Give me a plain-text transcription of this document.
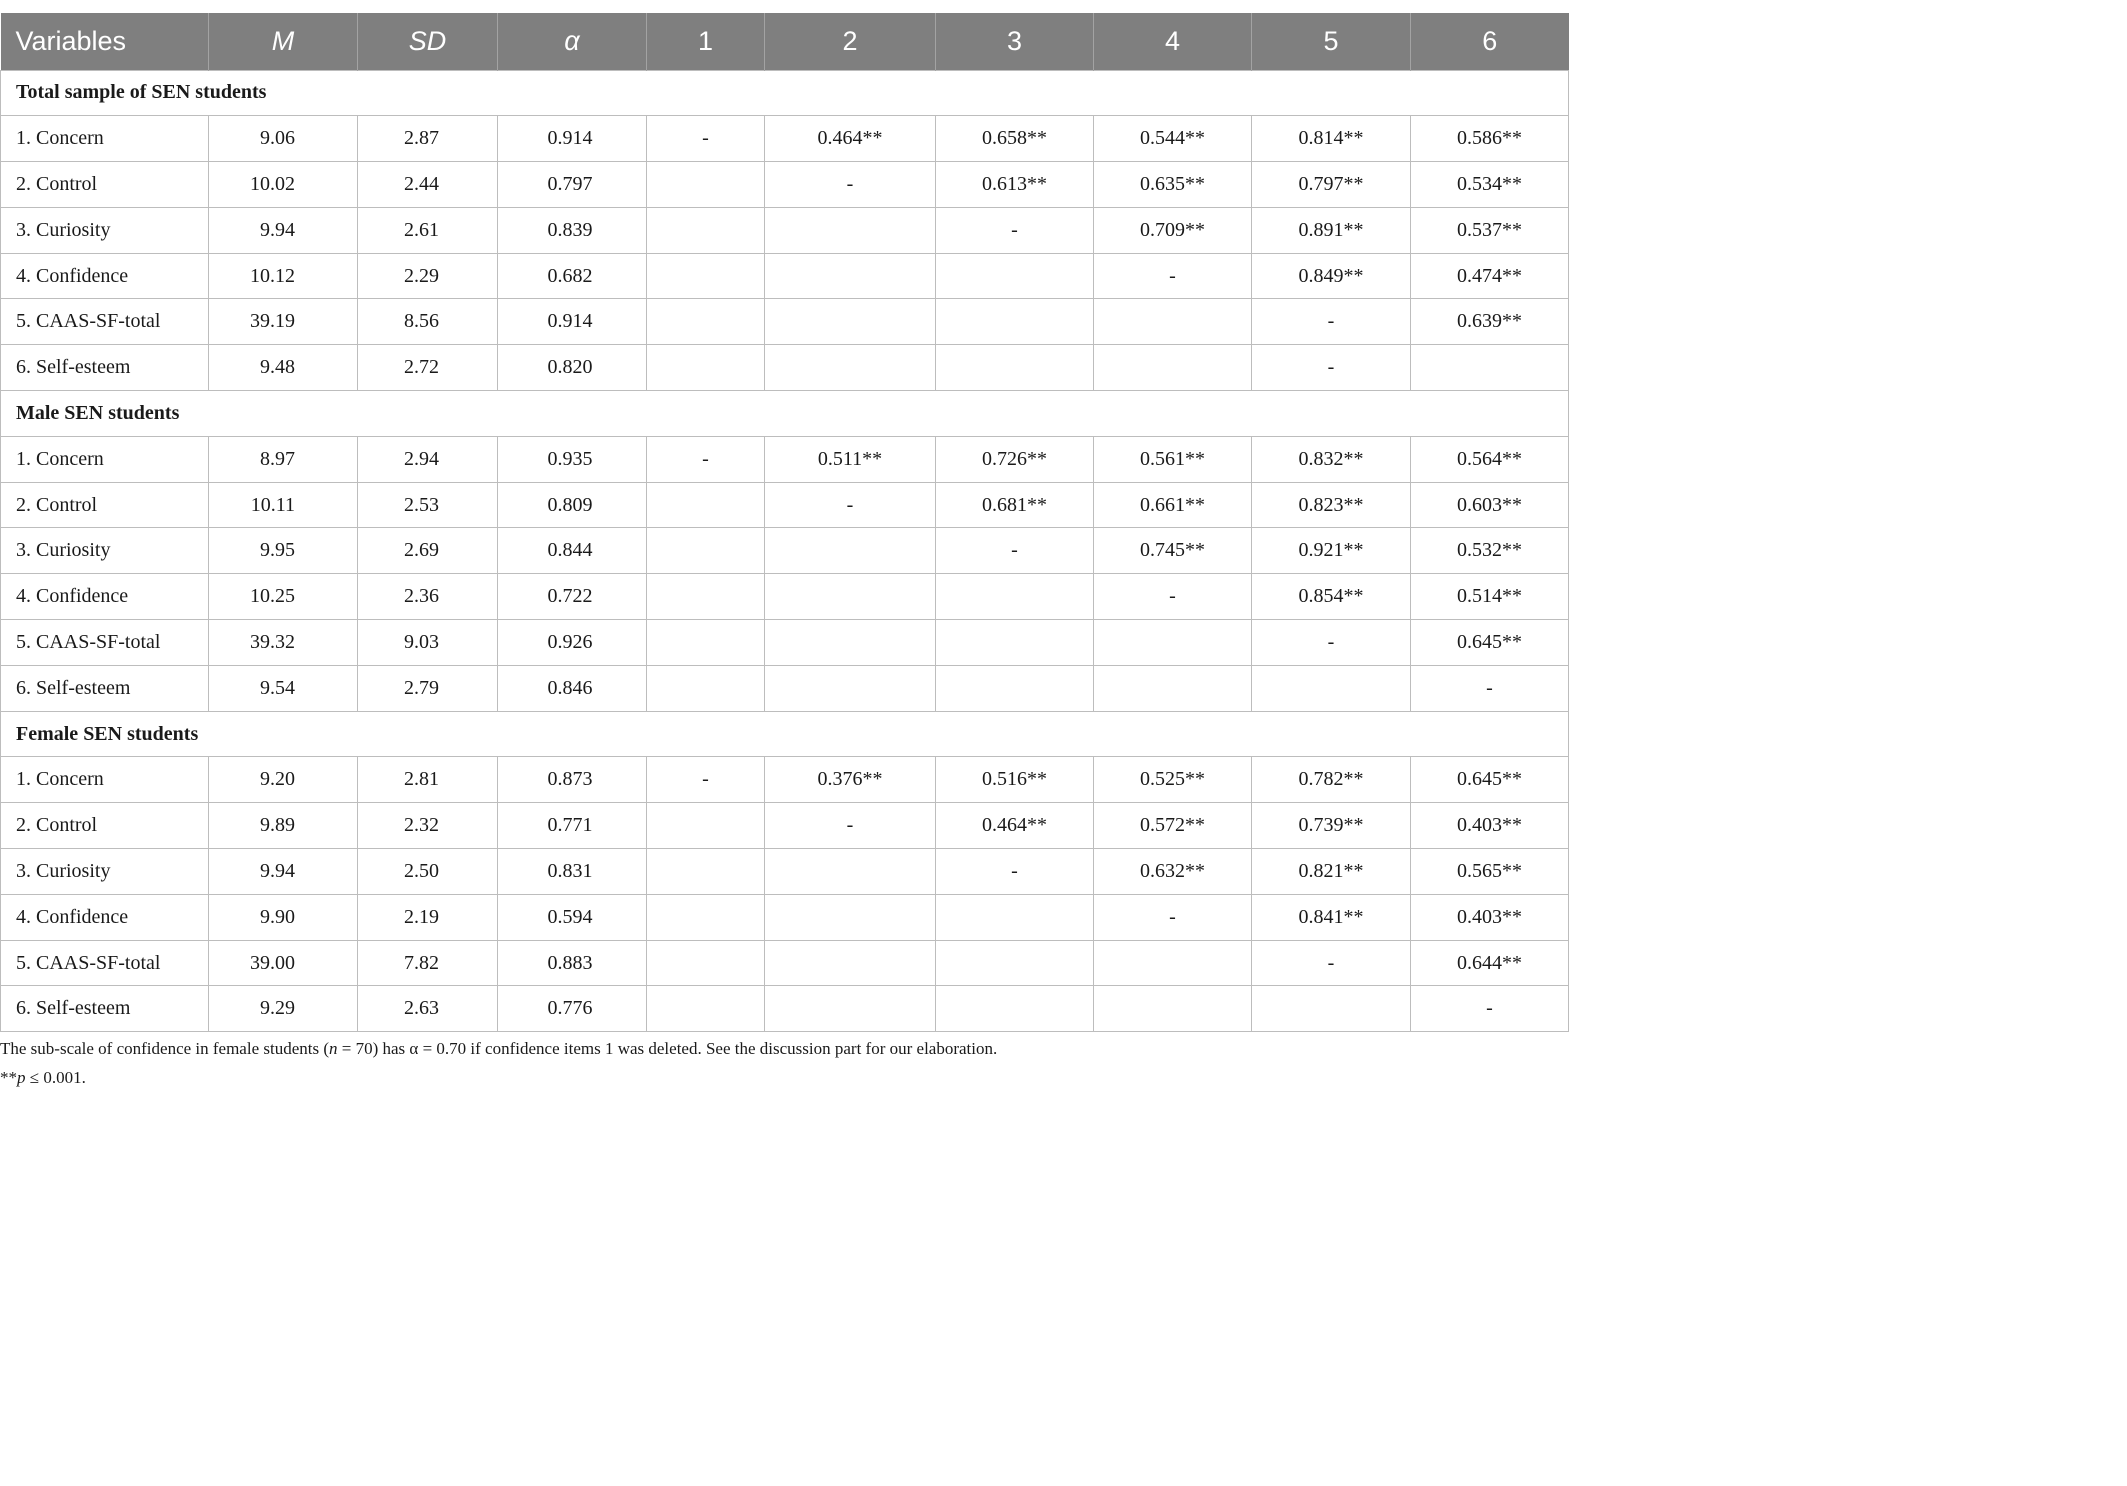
Variables	M	SD	α	1	2	3	4	5	6
Total sample of SEN students									
1. Concern	9.06	2.87	0.914	-	0.464**	0.658**	0.544**	0.814**	0.586**
2. Control	10.02	2.44	0.797		-	0.613**	0.635**	0.797**	0.534**
3. Curiosity	9.94	2.61	0.839			-	0.709**	0.891**	0.537**
4. Confidence	10.12	2.29	0.682				-	0.849**	0.474**
5. CAAS-SF-total	39.19	8.56	0.914					-	0.639**
6. Self-esteem	9.48	2.72	0.820					-	
Male SEN students									
1. Concern	8.97	2.94	0.935	-	0.511**	0.726**	0.561**	0.832**	0.564**
2. Control	10.11	2.53	0.809		-	0.681**	0.661**	0.823**	0.603**
3. Curiosity	9.95	2.69	0.844			-	0.745**	0.921**	0.532**
4. Confidence	10.25	2.36	0.722				-	0.854**	0.514**
5. CAAS-SF-total	39.32	9.03	0.926					-	0.645**
6. Self-esteem	9.54	2.79	0.846						-
Female SEN students									
1. Concern	9.20	2.81	0.873	-	0.376**	0.516**	0.525**	0.782**	0.645**
2. Control	9.89	2.32	0.771		-	0.464**	0.572**	0.739**	0.403**
3. Curiosity	9.94	2.50	0.831			-	0.632**	0.821**	0.565**
4. Confidence	9.90	2.19	0.594				-	0.841**	0.403**
5. CAAS-SF-total	39.00	7.82	0.883					-	0.644**
6. Self-esteem	9.29	2.63	0.776						-
The sub-scale of confidence in female students (n = 70) has α = 0.70 if confidence items 1 was deleted. See the discussion part for our elaboration.
**p ≤ 0.001.
